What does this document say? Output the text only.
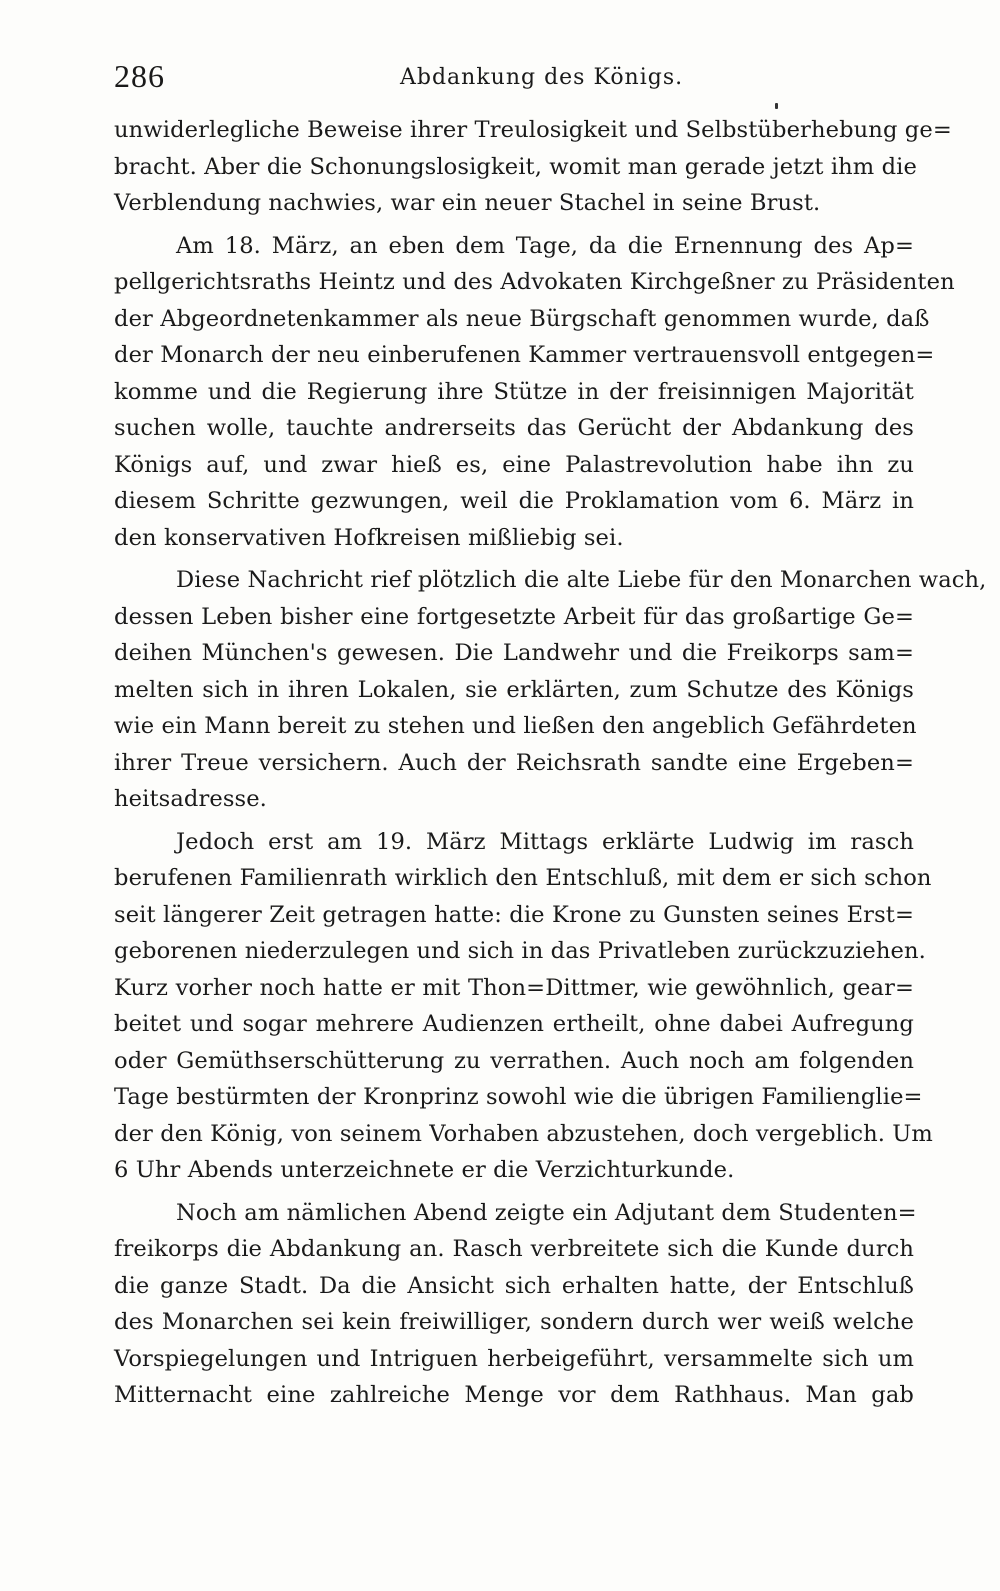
286	Abdankung des Königs.
unwiderlegliche Beweise ihrer Treulosigkeit und Selbstüberhebung ge=
bracht. Aber die Schonungslosigkeit, womit man gerade jetzt ihm die
Verblendung nachwies, war ein neuer Stachel in seine Brust.
Am 18. März, an eben dem Tage, da die Ernennung des Ap=
pellgerichtsraths Heintz und des Advokaten Kirchgeßner zu Präsidenten
der Abgeordnetenkammer als neue Bürgschaft genommen wurde, daß
der Monarch der neu einberufenen Kammer vertrauensvoll entgegen=
komme und die Regierung ihre Stütze in der freisinnigen Majorität
suchen wolle, tauchte andrerseits das Gerücht der Abdankung des
Königs auf, und zwar hieß es, eine Palastrevolution habe ihn zu
diesem Schritte gezwungen, weil die Proklamation vom 6. März in
den konservativen Hofkreisen mißliebig sei.
Diese Nachricht rief plötzlich die alte Liebe für den Monarchen wach,
dessen Leben bisher eine fortgesetzte Arbeit für das großartige Ge=
deihen München's gewesen. Die Landwehr und die Freikorps sam=
melten sich in ihren Lokalen, sie erklärten, zum Schutze des Königs
wie ein Mann bereit zu stehen und ließen den angeblich Gefährdeten
ihrer Treue versichern. Auch der Reichsrath sandte eine Ergeben=
heitsadresse.
Jedoch erst am 19. März Mittags erklärte Ludwig im rasch
berufenen Familienrath wirklich den Entschluß, mit dem er sich schon
seit längerer Zeit getragen hatte: die Krone zu Gunsten seines Erst=
geborenen niederzulegen und sich in das Privatleben zurückzuziehen.
Kurz vorher noch hatte er mit Thon=Dittmer, wie gewöhnlich, gear=
beitet und sogar mehrere Audienzen ertheilt, ohne dabei Aufregung
oder Gemüthserschütterung zu verrathen. Auch noch am folgenden
Tage bestürmten der Kronprinz sowohl wie die übrigen Familienglie=
der den König, von seinem Vorhaben abzustehen, doch vergeblich. Um
6 Uhr Abends unterzeichnete er die Verzichturkunde.
Noch am nämlichen Abend zeigte ein Adjutant dem Studenten=
freikorps die Abdankung an. Rasch verbreitete sich die Kunde durch
die ganze Stadt. Da die Ansicht sich erhalten hatte, der Entschluß
des Monarchen sei kein freiwilliger, sondern durch wer weiß welche
Vorspiegelungen und Intriguen herbeigeführt, versammelte sich um
Mitternacht eine zahlreiche Menge vor dem Rathhaus. Man gab
